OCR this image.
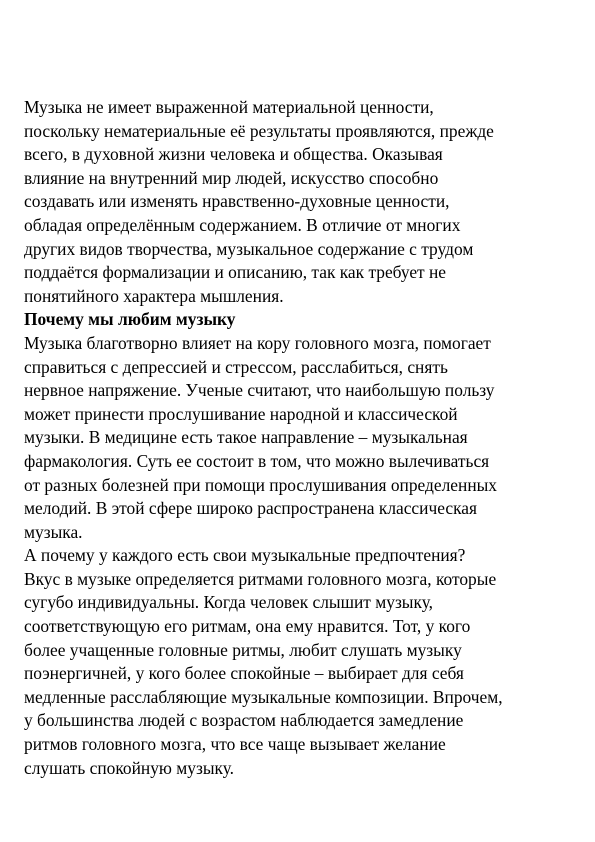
Музыка не имеет выраженной материальной ценности,
поскольку нематериальные её результаты проявляются, прежде
всего, в духовной жизни человека и общества. Оказывая
влияние на внутренний мир людей, искусство способно
создавать или изменять нравственно-духовные ценности,
обладая определённым содержанием. В отличие от многих
других видов творчества, музыкальное содержание с трудом
поддаётся формализации и описанию, так как требует не
понятийного характера мышления.
Почему мы любим музыку
Музыка благотворно влияет на кору головного мозга, помогает
справиться с депрессией и стрессом, расслабиться, снять
нервное напряжение. Ученые считают, что наибольшую пользу
может принести прослушивание народной и классической
музыки. В медицине есть такое направление – музыкальная
фармакология. Суть ее состоит в том, что можно вылечиваться
от разных болезней при помощи прослушивания определенных
мелодий. В этой сфере широко распространена классическая
музыка.
А почему у каждого есть свои музыкальные предпочтения?
Вкус в музыке определяется ритмами головного мозга, которые
сугубо индивидуальны. Когда человек слышит музыку,
соответствующую его ритмам, она ему нравится. Тот, у кого
более учащенные головные ритмы, любит слушать музыку
поэнергичней, у кого более спокойные – выбирает для себя
медленные расслабляющие музыкальные композиции. Впрочем,
у большинства людей с возрастом наблюдается замедление
ритмов головного мозга, что все чаще вызывает желание
слушать спокойную музыку.
